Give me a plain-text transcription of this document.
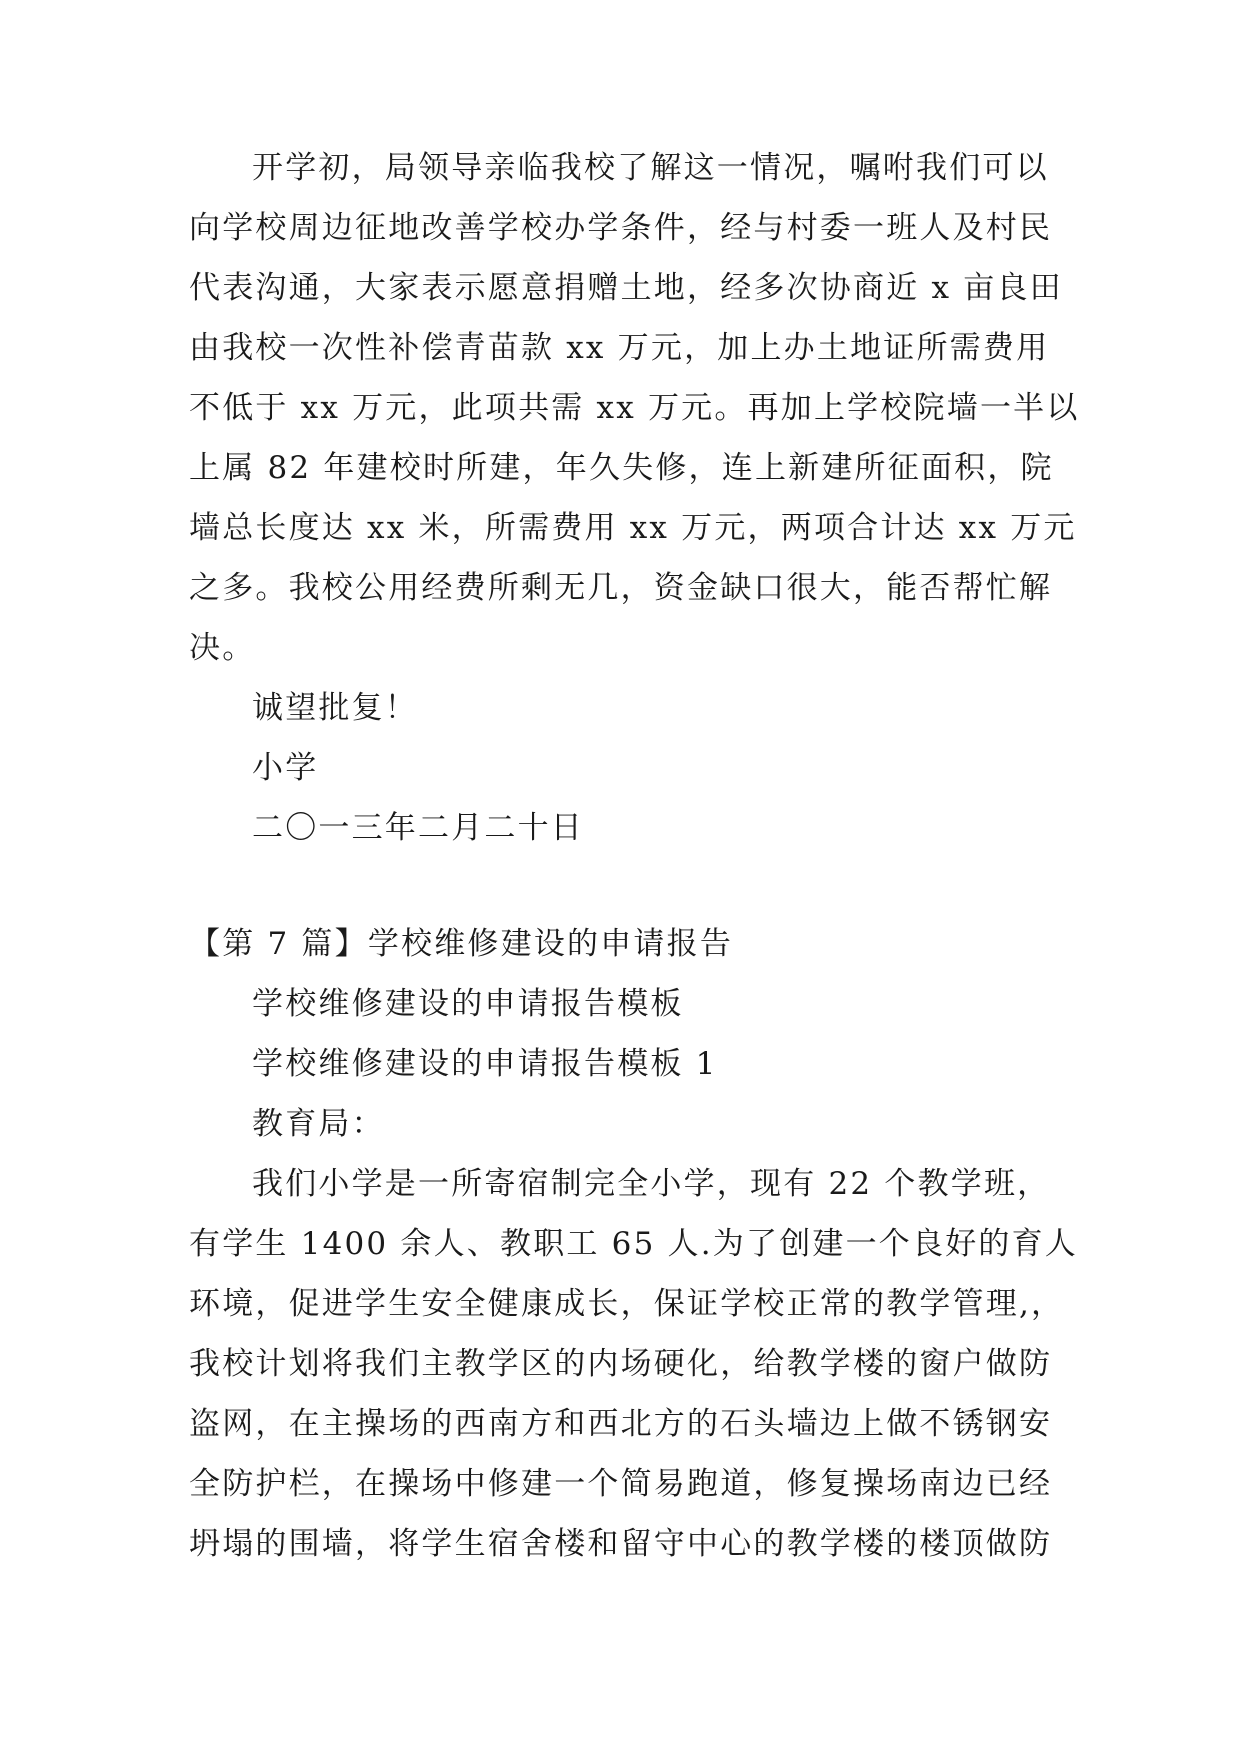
开学初，局领导亲临我校了解这一情况，嘱咐我们可以
向学校周边征地改善学校办学条件，经与村委一班人及村民
代表沟通，大家表示愿意捐赠土地，经多次协商近 x 亩良田
由我校一次性补偿青苗款 xx 万元，加上办土地证所需费用
不低于 xx 万元，此项共需 xx 万元。再加上学校院墙一半以
上属 82 年建校时所建，年久失修，连上新建所征面积，院
墙总长度达 xx 米，所需费用 xx 万元，两项合计达 xx 万元
之多。我校公用经费所剩无几，资金缺口很大，能否帮忙解
决。
诚望批复！
小学
二〇一三年二月二十日
【第 7 篇】学校维修建设的申请报告
学校维修建设的申请报告模板
学校维修建设的申请报告模板 1
教育局：
我们小学是一所寄宿制完全小学，现有 22 个教学班，
有学生 1400 余人、教职工 65 人.为了创建一个良好的育人
环境，促进学生安全健康成长，保证学校正常的教学管理,，
我校计划将我们主教学区的内场硬化，给教学楼的窗户做防
盗网，在主操场的西南方和西北方的石头墙边上做不锈钢安
全防护栏，在操场中修建一个简易跑道，修复操场南边已经
坍塌的围墙，将学生宿舍楼和留守中心的教学楼的楼顶做防
